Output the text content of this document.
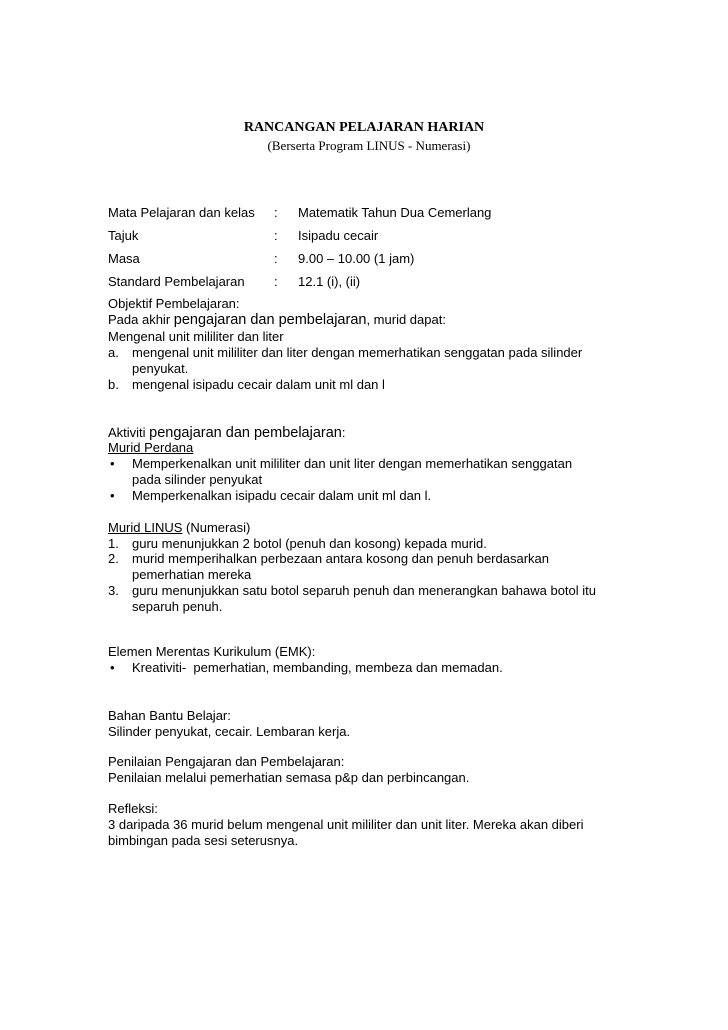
RANCANGAN PELAJARAN HARIAN
(Berserta Program LINUS - Numerasi)
Mata Pelajaran dan kelas : Matematik Tahun Dua Cemerlang
Tajuk	: Isipadu cecair
Masa	: 9.00 – 10.00 (1 jam)
Standard Pembelajaran : 12.1 (i), (ii)
Objektif Pembelajaran:
Pada akhir pengajaran dan pembelajaran, murid dapat:
Mengenal unit mililiter dan liter
a. mengenal unit mililiter dan liter dengan memerhatikan senggatan pada silinder
penyukat.
b. mengenal isipadu cecair dalam unit ml dan l
Aktiviti pengajaran dan pembelajaran:
Murid Perdana
• Memperkenalkan unit mililiter dan unit liter dengan memerhatikan senggatan
pada silinder penyukat
• Memperkenalkan isipadu cecair dalam unit ml dan l.
Murid LINUS (Numerasi)
1. guru menunjukkan 2 botol (penuh dan kosong) kepada murid.
2. murid memperihalkan perbezaan antara kosong dan penuh berdasarkan
pemerhatian mereka
3. guru menunjukkan satu botol separuh penuh dan menerangkan bahawa botol itu
separuh penuh.
Elemen Merentas Kurikulum (EMK):
• Kreativiti-  pemerhatian, membanding, membeza dan memadan.
Bahan Bantu Belajar:
Silinder penyukat, cecair. Lembaran kerja.
Penilaian Pengajaran dan Pembelajaran:
Penilaian melalui pemerhatian semasa p&p dan perbincangan.
Refleksi:
3 daripada 36 murid belum mengenal unit mililiter dan unit liter. Mereka akan diberi
bimbingan pada sesi seterusnya.
